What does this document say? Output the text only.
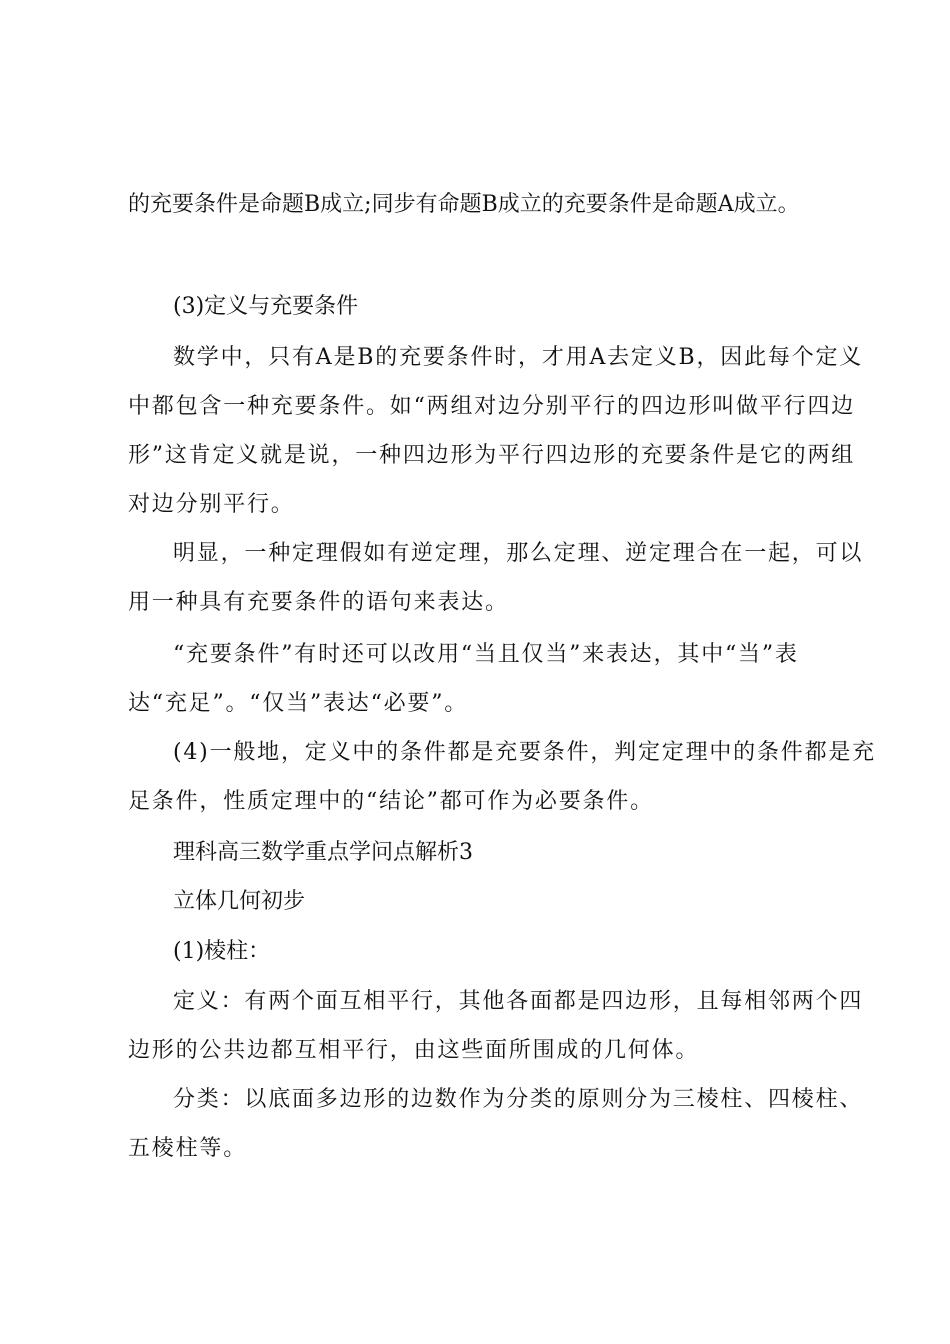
的充要条件是命题B成立;同步有命题B成立的充要条件是命题A成立。
(3)定义与充要条件
数学中，只有A是B的充要条件时，才用A去定义B，因此每个定义
中都包含一种充要条件。如“两组对边分别平行的四边形叫做平行四边
形”这肯定义就是说，一种四边形为平行四边形的充要条件是它的两组
对边分别平行。
明显，一种定理假如有逆定理，那么定理、逆定理合在一起，可以
用一种具有充要条件的语句来表达。
“充要条件”有时还可以改用“当且仅当”来表达，其中“当”表
达“充足”。“仅当”表达“必要”。
(4)一般地，定义中的条件都是充要条件，判定定理中的条件都是充
足条件，性质定理中的“结论”都可作为必要条件。
理科高三数学重点学问点解析3
立体几何初步
(1)棱柱：
定义：有两个面互相平行，其他各面都是四边形，且每相邻两个四
边形的公共边都互相平行，由这些面所围成的几何体。
分类：以底面多边形的边数作为分类的原则分为三棱柱、四棱柱、
五棱柱等。
